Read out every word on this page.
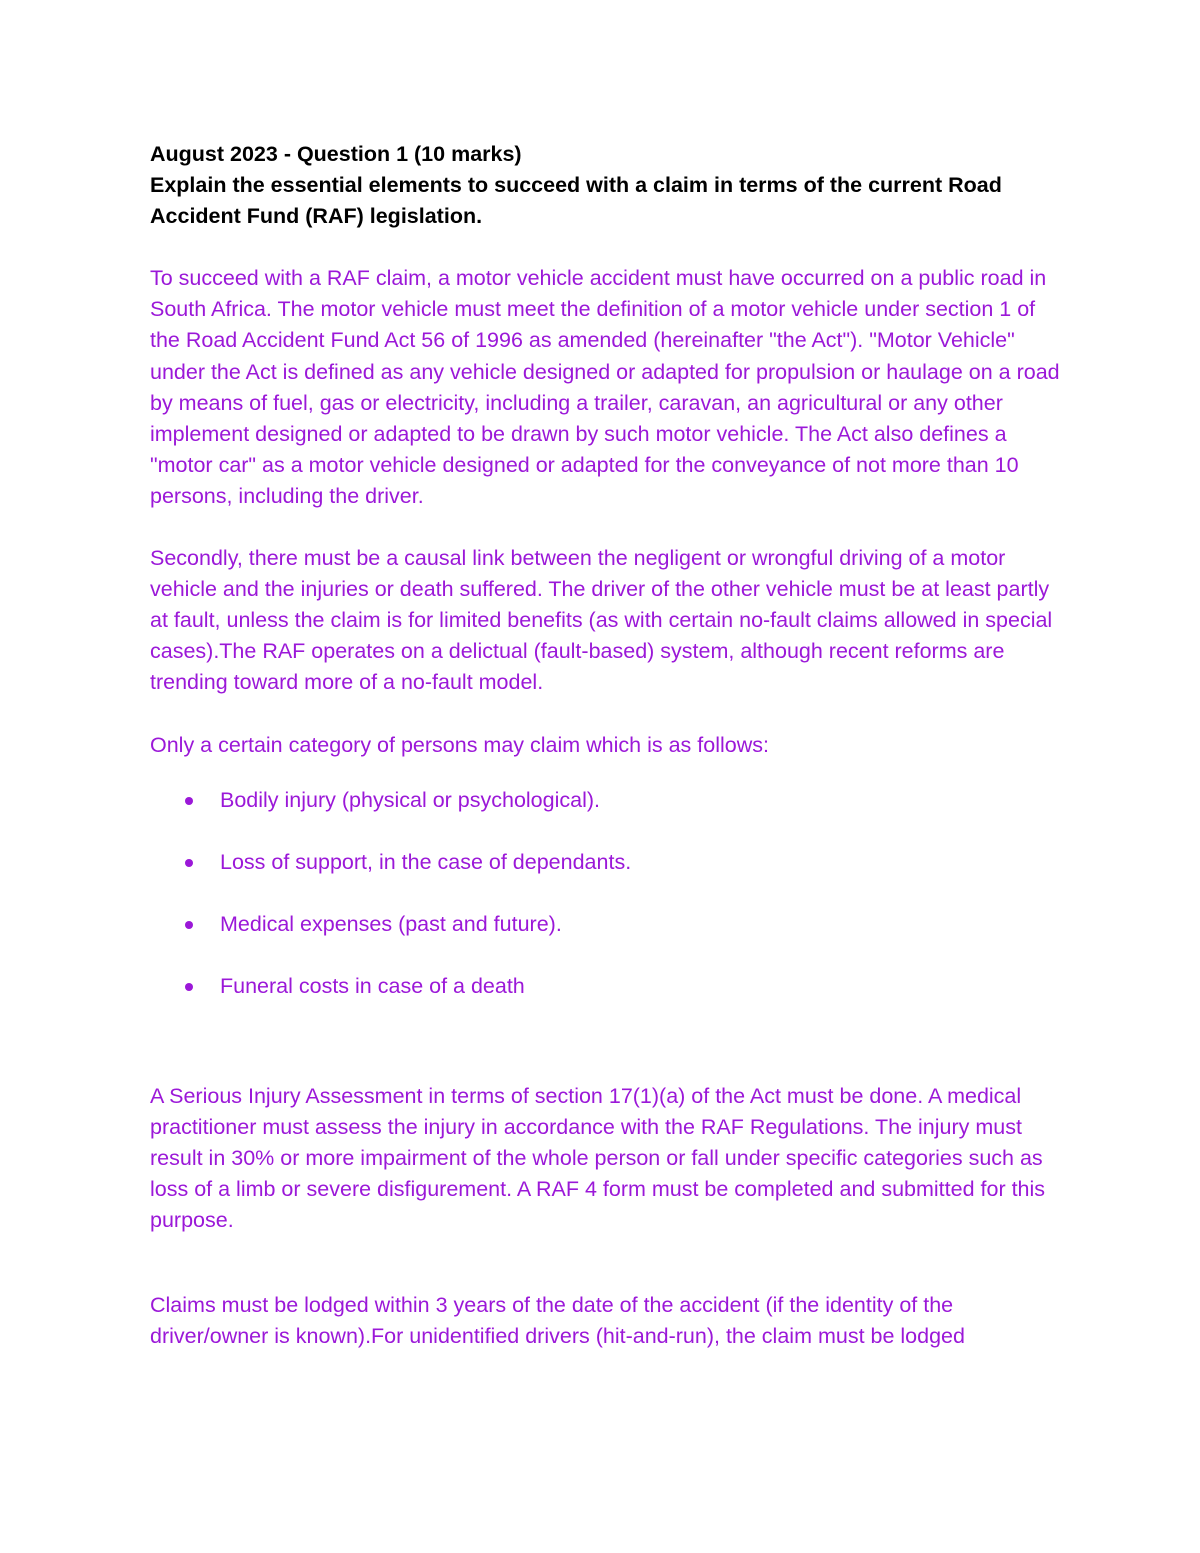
August 2023 - Question 1 (10 marks)

Explain the essential elements to succeed with a claim in terms of the current Road Accident Fund (RAF) legislation.

To succeed with a RAF claim, a motor vehicle accident must have occurred on a public road in South Africa. The motor vehicle must meet the definition of a motor vehicle under section 1 of the Road Accident Fund Act 56 of 1996 as amended (hereinafter "the Act"). "Motor Vehicle" under the Act is defined as any vehicle designed or adapted for propulsion or haulage on a road by means of fuel, gas or electricity, including a trailer, caravan, an agricultural or any other implement designed or adapted to be drawn by such motor vehicle. The Act also defines a "motor car" as a motor vehicle designed or adapted for the conveyance of not more than 10 persons, including the driver.

Secondly, there must be a causal link between the negligent or wrongful driving of a motor vehicle and the injuries or death suffered. The driver of the other vehicle must be at least partly at fault, unless the claim is for limited benefits (as with certain no-fault claims allowed in special cases).The RAF operates on a delictual (fault-based) system, although recent reforms are trending toward more of a no-fault model.

Only a certain category of persons may claim which is as follows:

Bodily injury (physical or psychological).
Loss of support, in the case of dependants.
Medical expenses (past and future).
Funeral costs in case of a death

A Serious Injury Assessment in terms of section 17(1)(a) of the Act must be done. A medical practitioner must assess the injury in accordance with the RAF Regulations. The injury must result in 30% or more impairment of the whole person or fall under specific categories such as loss of a limb or severe disfigurement. A RAF 4 form must be completed and submitted for this purpose.

Claims must be lodged within 3 years of the date of the accident (if the identity of the driver/owner is known).For unidentified drivers (hit-and-run), the claim must be lodged
